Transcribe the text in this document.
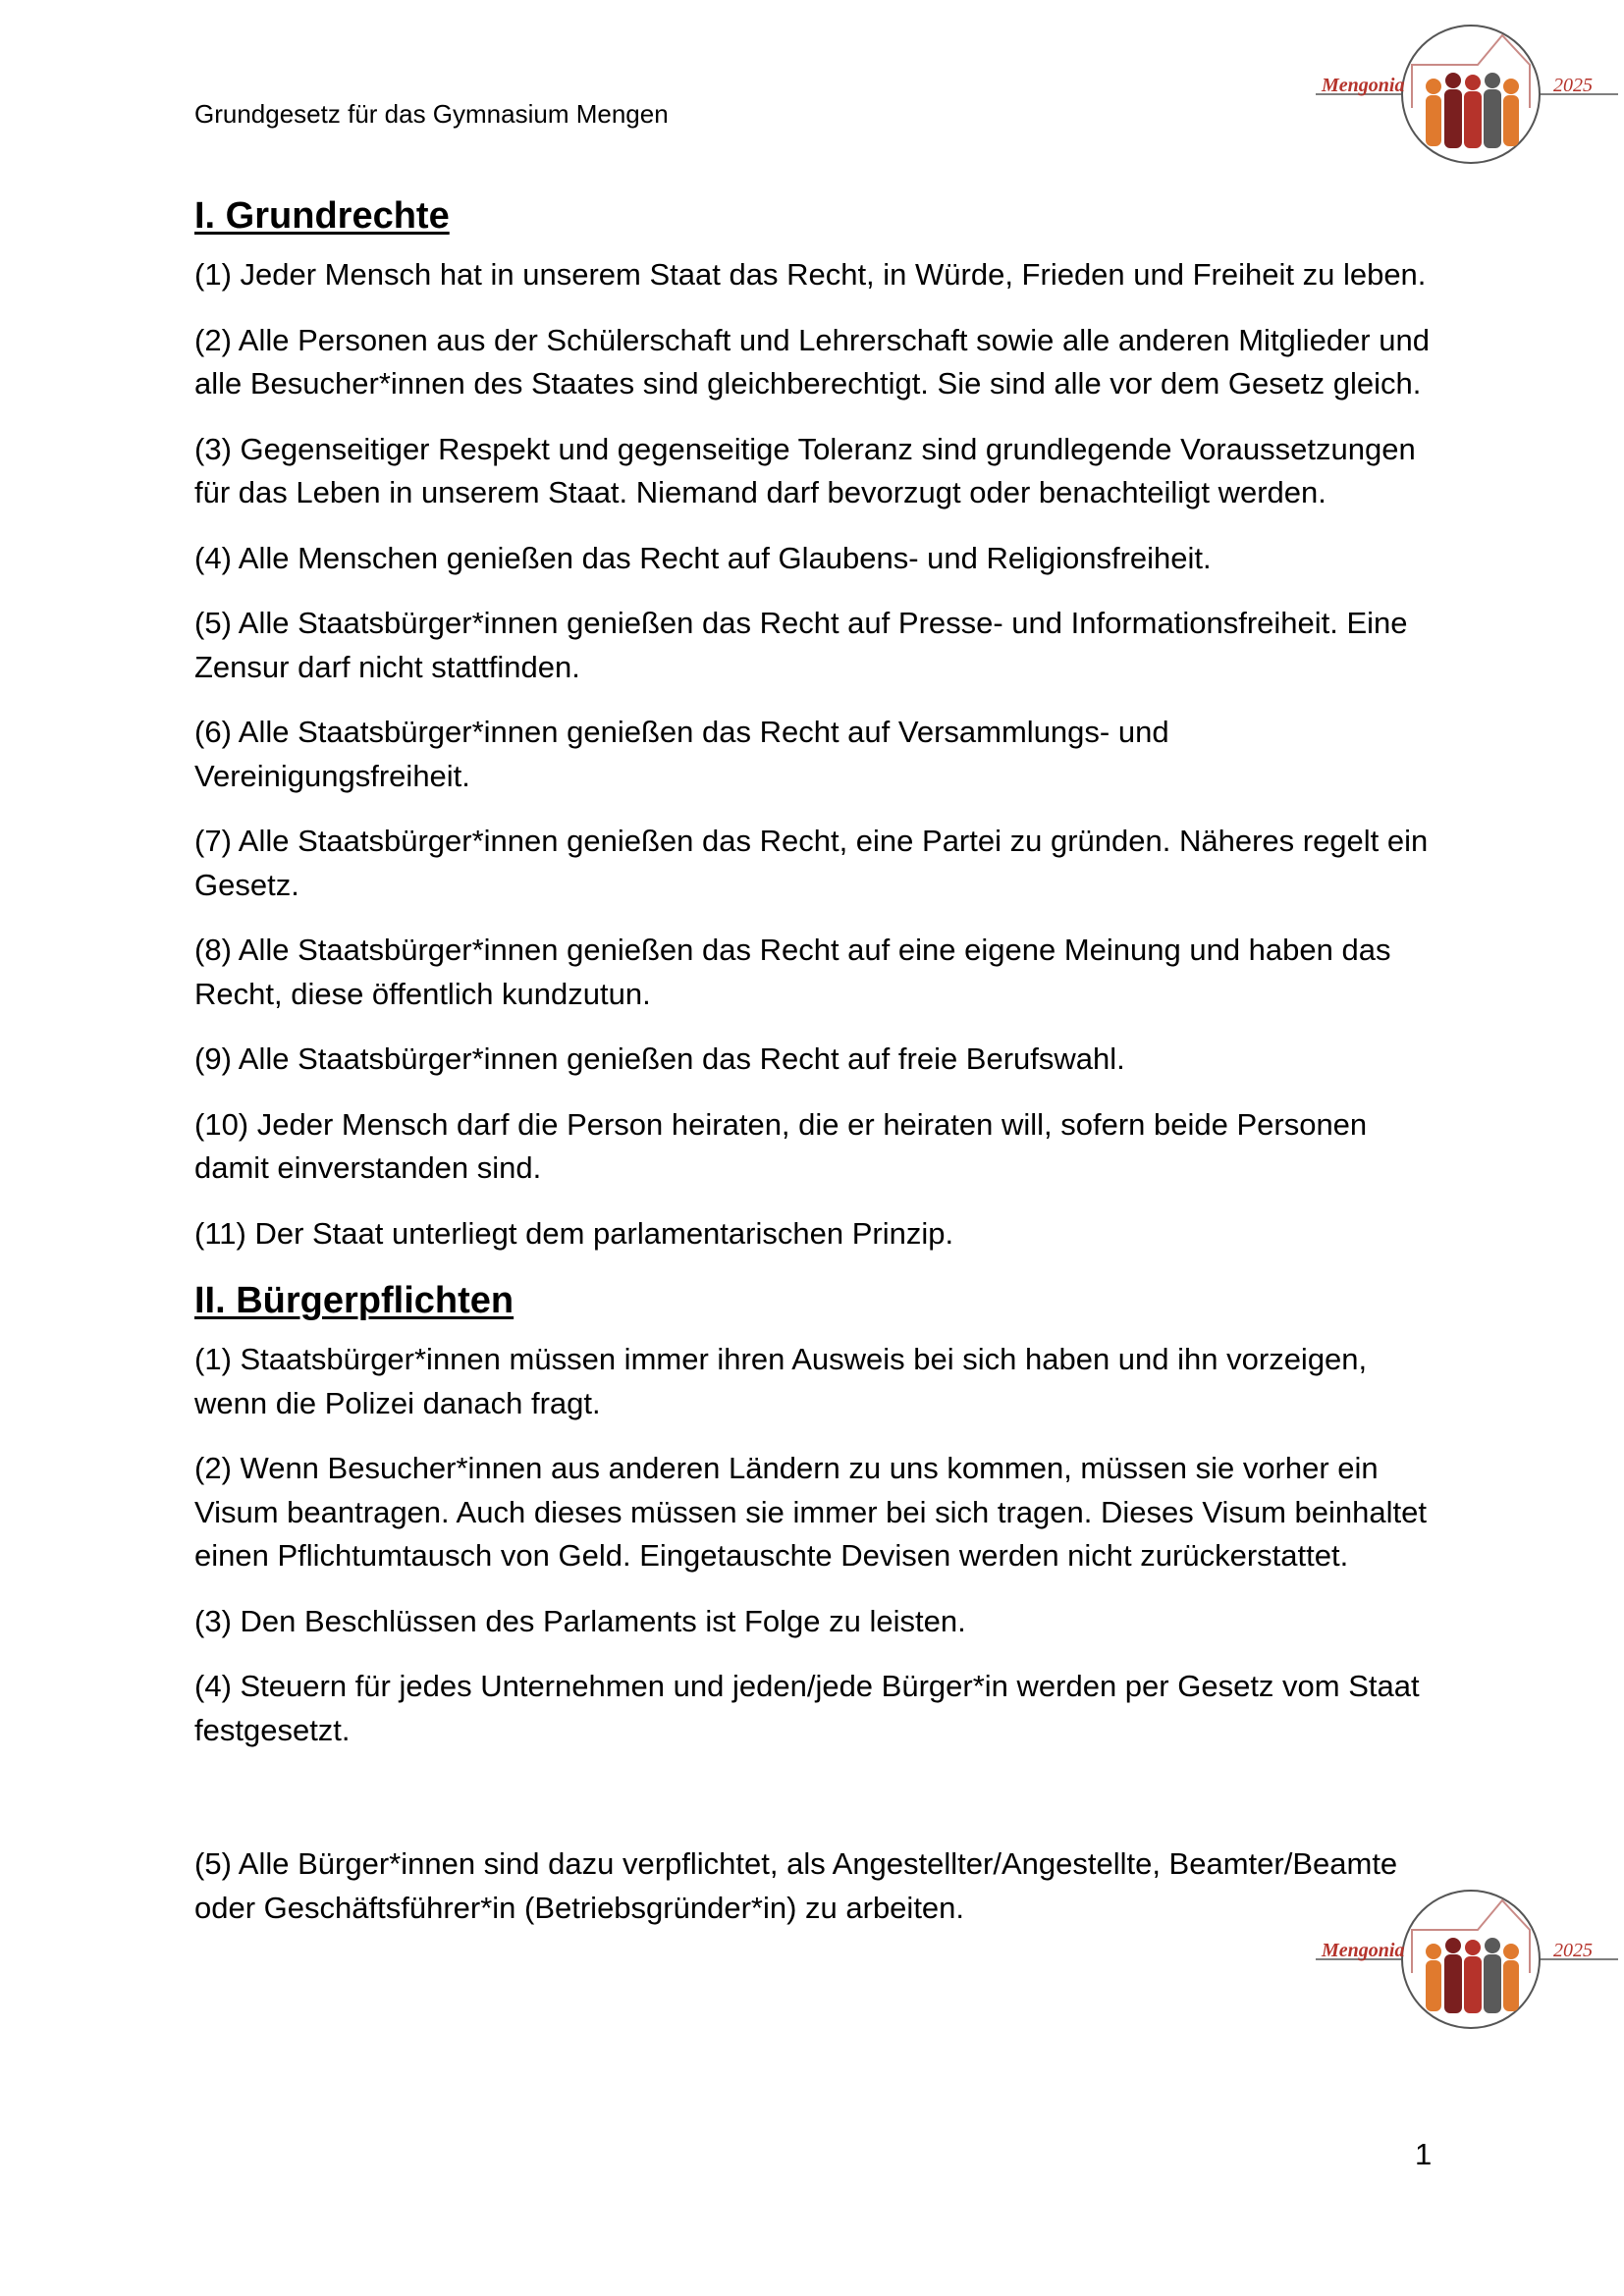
Grundgesetz für das Gymnasium Mengen
Mengonia	2025
I. Grundrechte

(1) Jeder Mensch hat in unserem Staat das Recht, in Würde, Frieden und Freiheit zu leben.

(2) Alle Personen aus der Schülerschaft und Lehrerschaft sowie alle anderen Mitglieder und alle Besucher*innen des Staates sind gleichberechtigt. Sie sind alle vor dem Gesetz gleich.

(3) Gegenseitiger Respekt und gegenseitige Toleranz sind grundlegende Voraussetzungen für das Leben in unserem Staat. Niemand darf bevorzugt oder benachteiligt werden.

(4) Alle Menschen genießen das Recht auf Glaubens- und Religionsfreiheit.

(5) Alle Staatsbürger*innen genießen das Recht auf Presse- und Informationsfreiheit. Eine Zensur darf nicht stattfinden.

(6) Alle Staatsbürger*innen genießen das Recht auf Versammlungs- und Vereinigungsfreiheit.

(7) Alle Staatsbürger*innen genießen das Recht, eine Partei zu gründen. Näheres regelt ein Gesetz.

(8) Alle Staatsbürger*innen genießen das Recht auf eine eigene Meinung und haben das Recht, diese öffentlich kundzutun.

(9) Alle Staatsbürger*innen genießen das Recht auf freie Berufswahl.

(10) Jeder Mensch darf die Person heiraten, die er heiraten will, sofern beide Personen damit einverstanden sind.

(11) Der Staat unterliegt dem parlamentarischen Prinzip.

II. Bürgerpflichten

(1) Staatsbürger*innen müssen immer ihren Ausweis bei sich haben und ihn vorzeigen, wenn die Polizei danach fragt.

(2) Wenn Besucher*innen aus anderen Ländern zu uns kommen, müssen sie vorher ein Visum beantragen. Auch dieses müssen sie immer bei sich tragen. Dieses Visum beinhaltet einen Pflichtumtausch von Geld. Eingetauschte Devisen werden nicht zurückerstattet.

(3) Den Beschlüssen des Parlaments ist Folge zu leisten.

(4) Steuern für jedes Unternehmen und jeden/jede Bürger*in werden per Gesetz vom Staat festgesetzt.

(5) Alle Bürger*innen sind dazu verpflichtet, als Angestellter/Angestellte, Beamter/Beamte oder Geschäftsführer*in (Betriebsgründer*in) zu arbeiten.

Mengonia	2025
1
